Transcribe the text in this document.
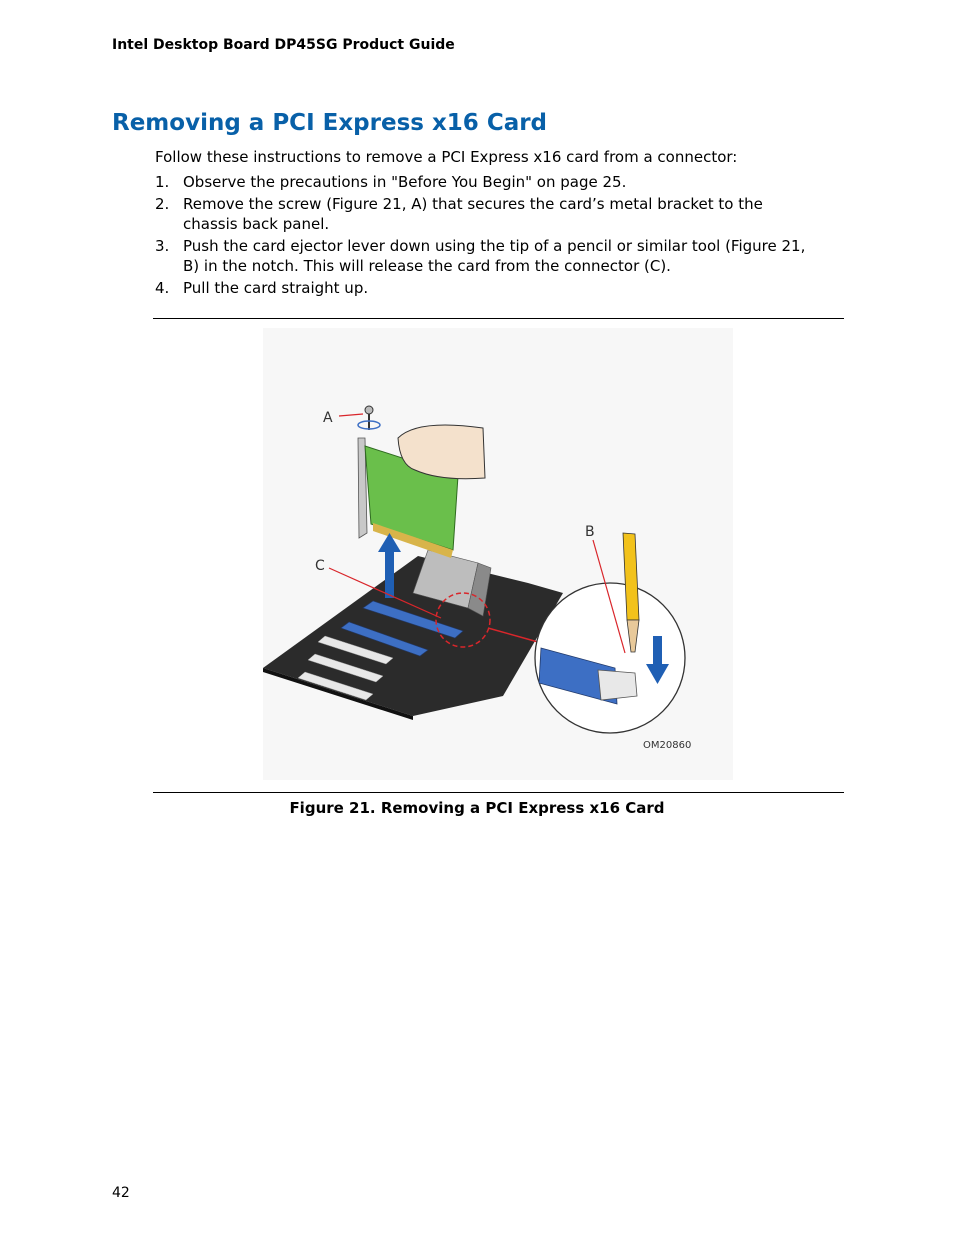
Intel Desktop Board DP45SG Product Guide
Removing a PCI Express x16 Card
Follow these instructions to remove a PCI Express x16 card from a connector:
1. Observe the precautions in "Before You Begin" on page 25.
2. Remove the screw (Figure 21, A) that secures the card’s metal bracket to the chassis back panel.
3. Push the card ejector lever down using the tip of a pencil or similar tool (Figure 21, B) in the notch. This will release the card from the connector (C).
4. Pull the card straight up.
A
C
B
OM20860
Figure 21. Removing a PCI Express x16 Card
42
